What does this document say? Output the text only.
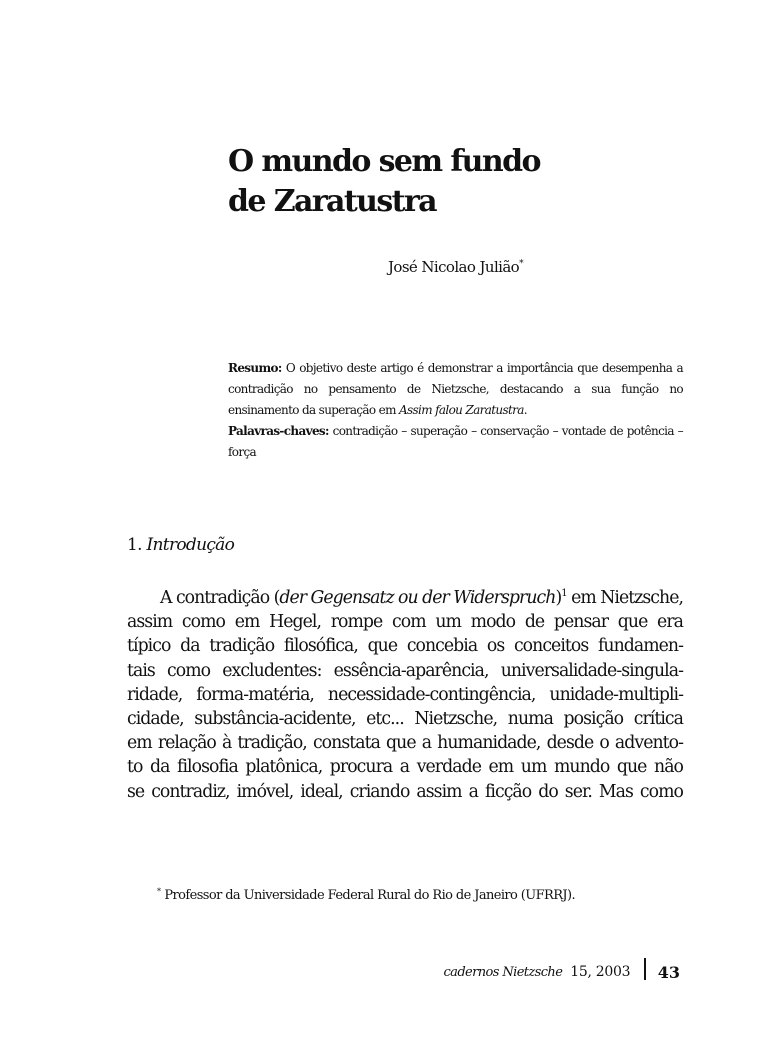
O mundo sem fundo
de Zaratustra
José Nicolao Julião*

Resumo: O objetivo deste artigo é demonstrar a importância que desempenha a contradição no pensamento de Nietzsche, destacando a sua função no ensinamento da superação em Assim falou Zaratustra.

Palavras-chaves: contradição – superação – conservação – vontade de potência – força

1. Introdução
A contradição (der Gegensatz ou der Widerspruch)$^1$ em Nietzsche,
assim como em Hegel, rompe com um modo de pensar que era
típico da tradição filosófica, que concebia os conceitos fundamen-
tais como excludentes: essência-aparência, universalidade-singula-
ridade, forma-matéria, necessidade-contingência, unidade-multipli-
cidade, substância-acidente, etc... Nietzsche, numa posição crítica
em relação à tradição, constata que a humanidade, desde o advento-
to da filosofia platônica, procura a verdade em um mundo que não
se contradiz, imóvel, ideal, criando assim a ficção do ser. Mas como
* Professor da Universidade Federal Rural do Rio de Janeiro (UFRRJ).
cadernos Nietzsche 15, 2003 43
